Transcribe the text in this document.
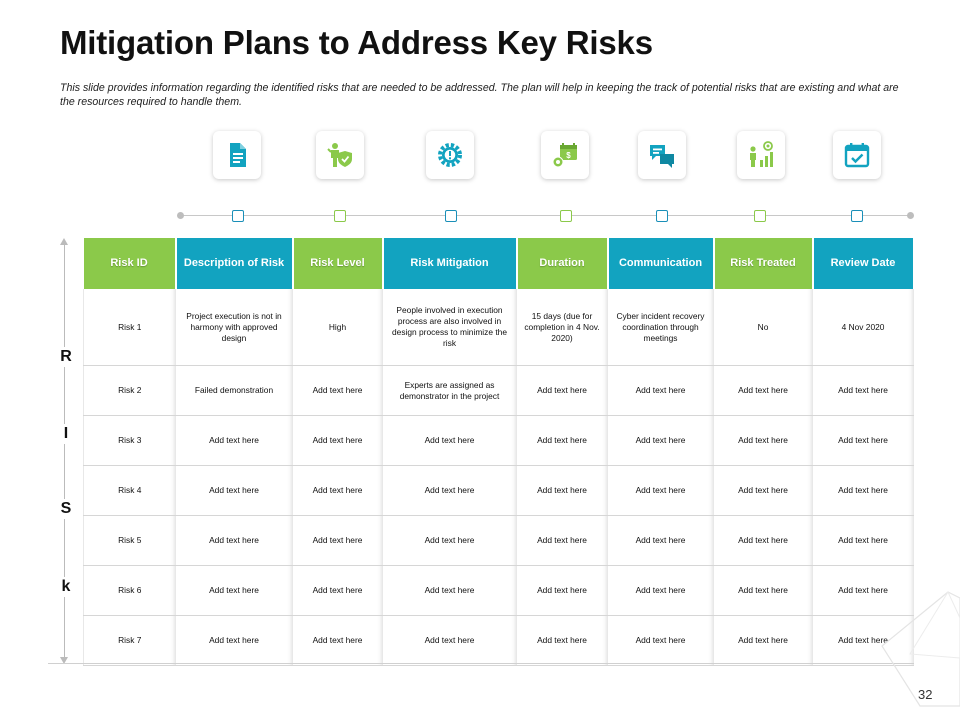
Mitigation Plans to Address Key Risks

This slide provides information regarding the identified risks that are needed to be addressed. The plan will help in keeping the track of potential risks that are existing and what are the resources required to handle them.

$
R
I
S
k
Risk ID	Description of Risk	Risk Level	Risk Mitigation	Duration	Communication	Risk Treated	Review Date
Risk 1	Project execution is not in harmony with approved design	High	People involved in execution process are also involved in design process to minimize the risk	15 days (due for completion in 4 Nov. 2020)	Cyber incident recovery coordination through meetings	No	4 Nov 2020
Risk 2	Failed demonstration	Add text here	Experts are assigned as demonstrator in the project	Add text here	Add text here	Add text here	Add text here
Risk 3	Add text here	Add text here	Add text here	Add text here	Add text here	Add text here	Add text here
Risk 4	Add text here	Add text here	Add text here	Add text here	Add text here	Add text here	Add text here
Risk 5	Add text here	Add text here	Add text here	Add text here	Add text here	Add text here	Add text here
Risk 6	Add text here	Add text here	Add text here	Add text here	Add text here	Add text here	Add text here
Risk 7	Add text here	Add text here	Add text here	Add text here	Add text here	Add text here	Add text here
32
